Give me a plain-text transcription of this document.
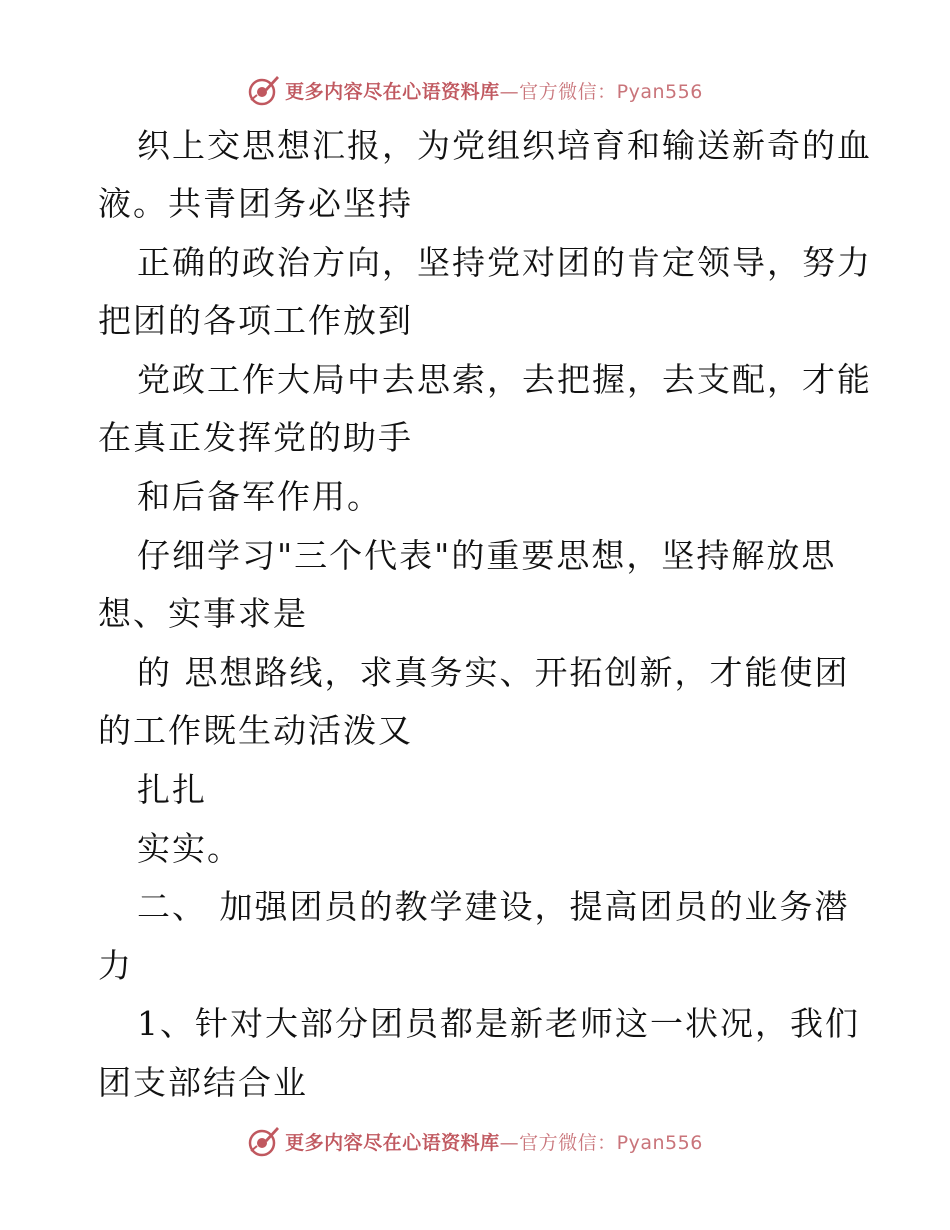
更多内容尽在心语资料库—官方微信：Pyan556
织上交思想汇报，为党组织培育和输送新奇的血
液。共青团务必坚持
正确的政治方向，坚持党对团的肯定领导，努力
把团的各项工作放到
党政工作大局中去思索，去把握，去支配，才能
在真正发挥党的助手
和后备军作用。
仔细学习"三个代表"的重要思想，坚持解放思
想、实事求是
的 思想路线，求真务实、开拓创新，才能使团
的工作既生动活泼又
扎扎
实实。
二、 加强团员的教学建设，提高团员的业务潜
力
1、针对大部分团员都是新老师这一状况，我们
团支部结合业
更多内容尽在心语资料库—官方微信：Pyan556
